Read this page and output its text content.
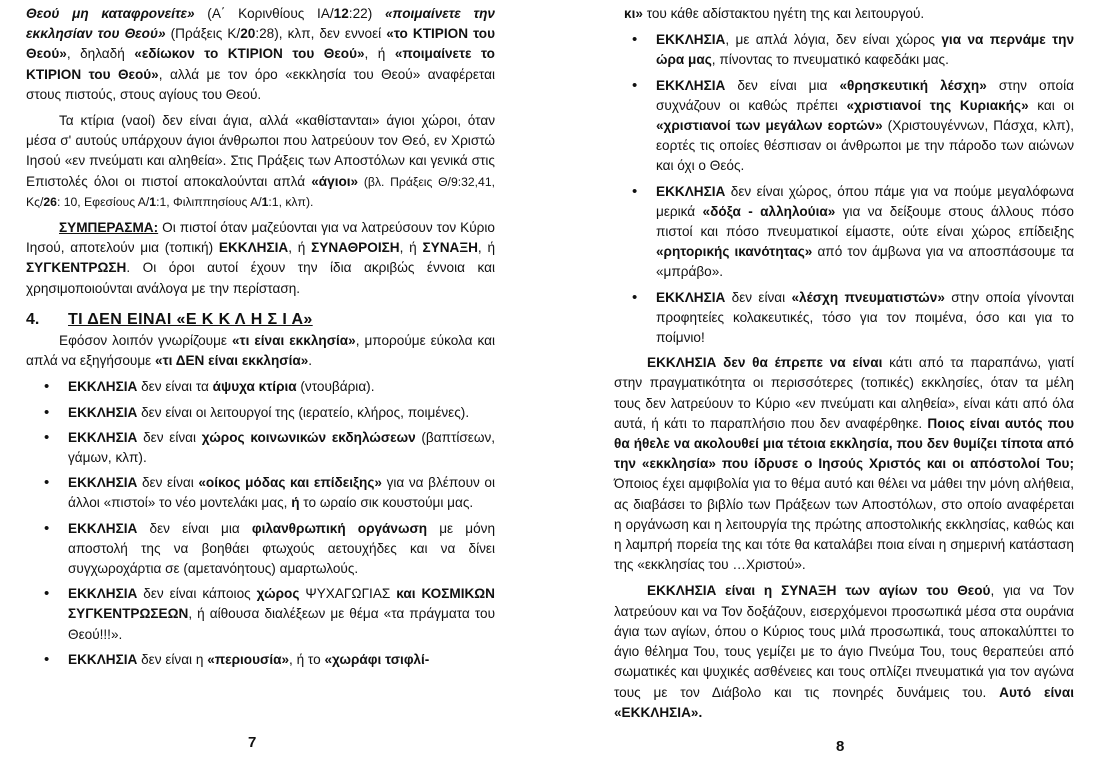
Θεού μη καταφρονείτε» (Α΄ Κορινθίους ΙΑ/12:22) «ποιμαίνετε την εκκλησίαν του Θεού» (Πράξεις Κ/20:28), κλπ, δεν εννοεί «το ΚΤΙΡΙΟΝ του Θεού», δηλαδή «εδίωκον το ΚΤΙΡΙΟΝ του Θεού», ή «ποιμαίνετε το ΚΤΙΡΙΟΝ του Θεού», αλλά με τον όρο «εκκλησία του Θεού» αναφέρεται στους πιστούς, στους αγίους του Θεού.

Τα κτίρια (ναοί) δεν είναι άγια, αλλά «καθίστανται» άγιοι χώροι, όταν μέσα σ' αυτούς υπάρχουν άγιοι άνθρωποι που λατρεύουν τον Θεό, εν Χριστώ Ιησού «εν πνεύματι και αληθεία». Στις Πράξεις των Αποστόλων και γενικά στις Επιστολές όλοι οι πιστοί αποκαλούνται απλά «άγιοι» (βλ. Πράξεις Θ/9:32,41, Κς/26: 10, Εφεσίους Α/1:1, Φιλιππησίους Α/1:1, κλπ).

ΣΥΜΠΕΡΑΣΜΑ: Οι πιστοί όταν μαζεύονται για να λατρεύσουν τον Κύριο Ιησού, αποτελούν μια (τοπική) ΕΚΚΛΗΣΙΑ, ή ΣΥΝΑΘΡΟΙΣΗ, ή ΣΥΝΑΞΗ, ή ΣΥΓΚΕΝΤΡΩΣΗ. Οι όροι αυτοί έχουν την ίδια ακριβώς έννοια και χρησιμοποιούνται ανάλογα με την περίσταση.

4. ΤΙ ΔΕΝ ΕΙΝΑΙ «Ε Κ Κ Λ Η Σ Ι Α»

Εφόσον λοιπόν γνωρίζουμε «τι είναι εκκλησία», μπορούμε εύκολα και απλά να εξηγήσουμε «τι ΔΕΝ είναι εκκλησία».

• ΕΚΚΛΗΣΙΑ δεν είναι τα άψυχα κτίρια (ντουβάρια).
• ΕΚΚΛΗΣΙΑ δεν είναι οι λειτουργοί της (ιερατείο, κλήρος, ποιμένες).
• ΕΚΚΛΗΣΙΑ δεν είναι χώρος κοινωνικών εκδηλώσεων (βαπτίσεων, γάμων, κλπ).
• ΕΚΚΛΗΣΙΑ δεν είναι «οίκος μόδας και επίδειξης» για να βλέπουν οι άλλοι «πιστοί» το νέο μοντελάκι μας, ή το ωραίο σικ κουστούμι μας.
• ΕΚΚΛΗΣΙΑ δεν είναι μια φιλανθρωπική οργάνωση με μόνη αποστολή της να βοηθάει φτωχούς αετουχήδες και να δίνει συγχωροχάρτια σε (αμετανόητους) αμαρτωλούς.
• ΕΚΚΛΗΣΙΑ δεν είναι κάποιος χώρος ΨΥΧΑΓΩΓΙΑΣ και ΚΟΣΜΙΚΩΝ ΣΥΓΚΕΝΤΡΩΣΕΩΝ, ή αίθουσα διαλέξεων με θέμα «τα πράγματα του Θεού!!!».
• ΕΚΚΛΗΣΙΑ δεν είναι η «περιουσία», ή το «χωράφι τσιφλί-
7

κι» του κάθε αδίστακτου ηγέτη της και λειτουργού.

• ΕΚΚΛΗΣΙΑ, με απλά λόγια, δεν είναι χώρος για να περνάμε την ώρα μας, πίνοντας το πνευματικό καφεδάκι μας.
• ΕΚΚΛΗΣΙΑ δεν είναι μια «θρησκευτική λέσχη» στην οποία συχνάζουν οι καθώς πρέπει «χριστιανοί της Κυριακής» και οι «χριστιανοί των μεγάλων εορτών» (Χριστουγέννων, Πάσχα, κλπ), εορτές τις οποίες θέσπισαν οι άνθρωποι με την πάροδο των αιώνων και όχι ο Θεός.
• ΕΚΚΛΗΣΙΑ δεν είναι χώρος, όπου πάμε για να πούμε μεγαλόφωνα μερικά «δόξα - αλληλούια» για να δείξουμε στους άλλους πόσο πιστοί και πόσο πνευματικοί είμαστε, ούτε είναι χώρος επίδειξης «ρητορικής ικανότητας» από τον άμβωνα για να αποσπάσουμε τα «μπράβο».
• ΕΚΚΛΗΣΙΑ δεν είναι «λέσχη πνευματιστών» στην οποία γίνονται προφητείες κολακευτικές, τόσο για τον ποιμένα, όσο και για το ποίμνιο!

ΕΚΚΛΗΣΙΑ δεν θα έπρεπε να είναι κάτι από τα παραπάνω, γιατί στην πραγματικότητα οι περισσότερες (τοπικές) εκκλησίες, όταν τα μέλη τους δεν λατρεύουν το Κύριο «εν πνεύματι και αληθεία», είναι κάτι από όλα αυτά, ή κάτι το παραπλήσιο που δεν αναφέρθηκε. Ποιος είναι αυτός που θα ήθελε να ακολουθεί μια τέτοια εκκλησία, που δεν θυμίζει τίποτα από την «εκκλησία» που ίδρυσε ο Ιησούς Χριστός και οι απόστολοί Του; Όποιος έχει αμφιβολία για το θέμα αυτό και θέλει να μάθει την μόνη αλήθεια, ας διαβάσει το βιβλίο των Πράξεων των Αποστόλων, στο οποίο αναφέρεται η οργάνωση και η λειτουργία της πρώτης αποστολικής εκκλησίας, καθώς και η λαμπρή πορεία της και τότε θα καταλάβει ποια είναι η σημερινή κατάσταση της «εκκλησίας του …Χριστού».

ΕΚΚΛΗΣΙΑ είναι η ΣΥΝΑΞΗ των αγίων του Θεού, για να Τον λατρεύουν και να Τον δοξάζουν, εισερχόμενοι προσωπικά μέσα στα ουράνια άγια των αγίων, όπου ο Κύριος τους μιλά προσωπικά, τους αποκαλύπτει το άγιο θέλημα Του, τους γεμίζει με το άγιο Πνεύμα Του, τους θεραπεύει από σωματικές και ψυχικές ασθένειες και τους οπλίζει πνευματικά για τον αγώνα τους με τον Διάβολο και τις πονηρές δυνάμεις του. Αυτό είναι «ΕΚΚΛΗΣΙΑ».

8
